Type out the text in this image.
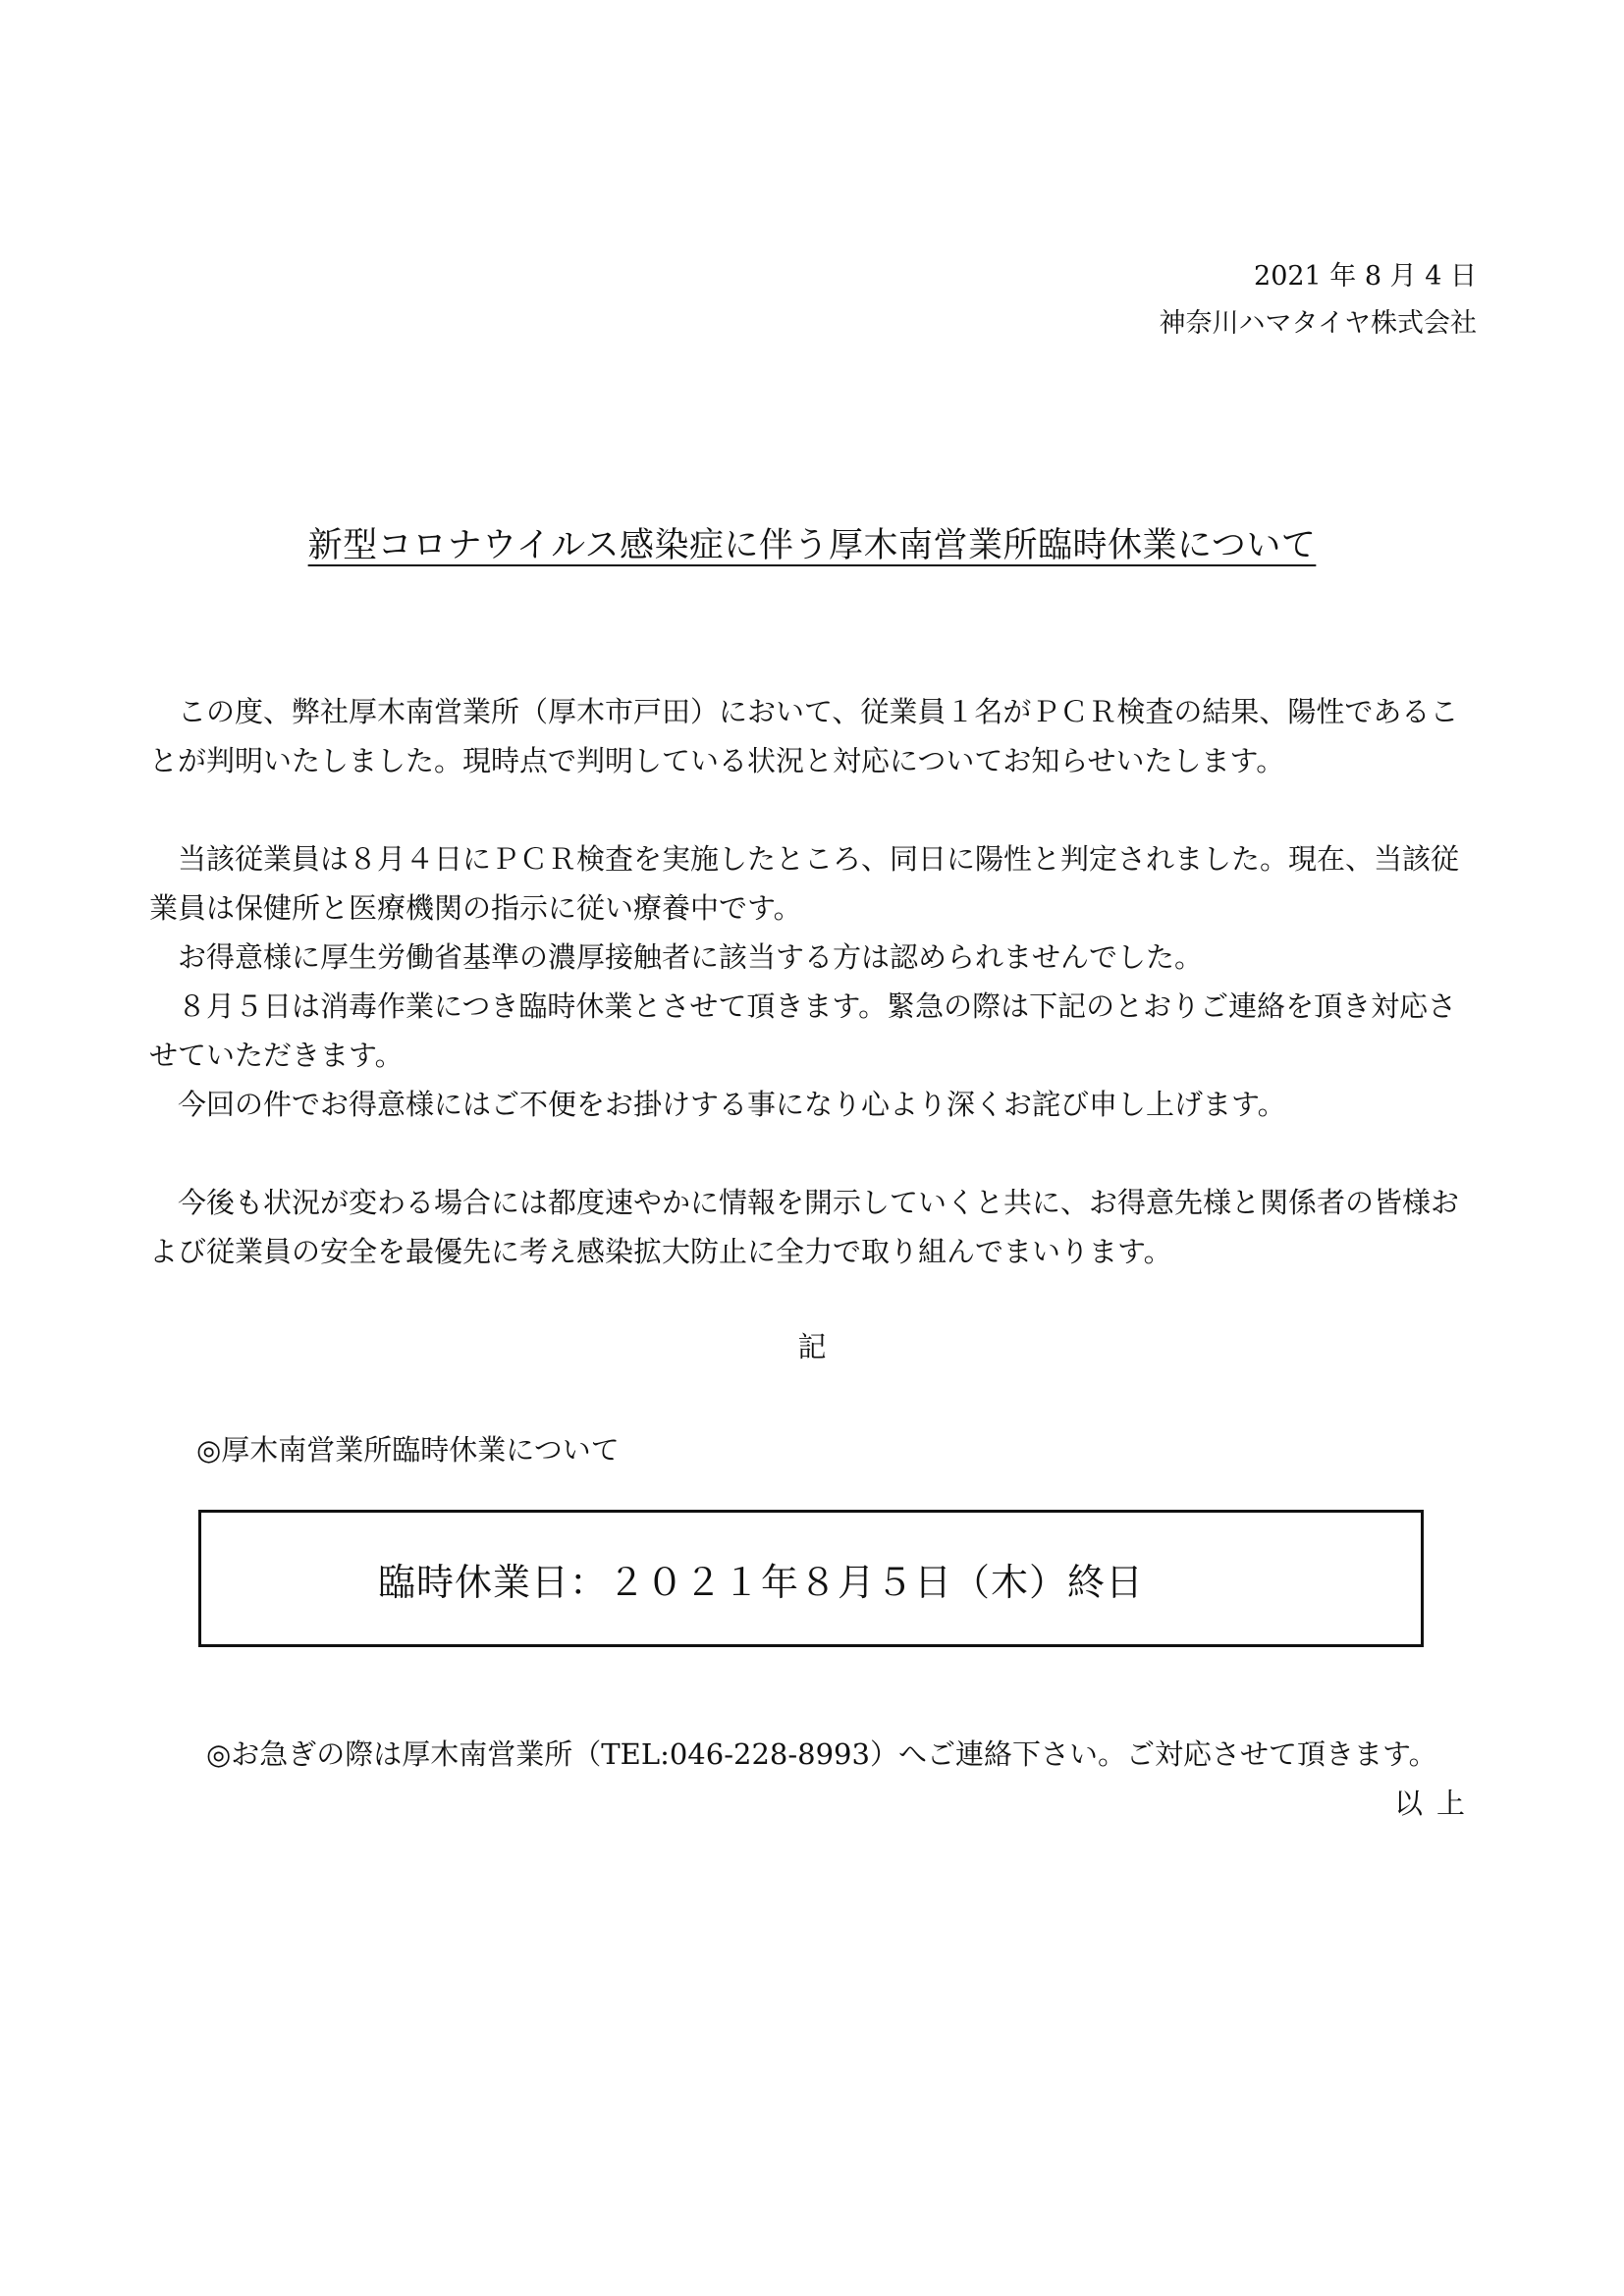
2021 年 8 月 4 日
神奈川ハマタイヤ株式会社
新型コロナウイルス感染症に伴う厚木南営業所臨時休業について

この度、弊社厚木南営業所（厚木市戸田）において、従業員１名がＰＣＲ検査の結果、陽性であることが判明いたしました。現時点で判明している状況と対応についてお知らせいたします。

当該従業員は８月４日にＰＣＲ検査を実施したところ、同日に陽性と判定されました。現在、当該従業員は保健所と医療機関の指示に従い療養中です。

お得意様に厚生労働省基準の濃厚接触者に該当する方は認められませんでした。

８月５日は消毒作業につき臨時休業とさせて頂きます。緊急の際は下記のとおりご連絡を頂き対応させていただきます。

今回の件でお得意様にはご不便をお掛けする事になり心より深くお詫び申し上げます。

今後も状況が変わる場合には都度速やかに情報を開示していくと共に、お得意先様と関係者の皆様および従業員の安全を最優先に考え感染拡大防止に全力で取り組んでまいります。

記
◎厚木南営業所臨時休業について
臨時休業日：２０２１年８月５日（木）終日
◎お急ぎの際は厚木南営業所（TEL:046-228-8993）へご連絡下さい。ご対応させて頂きます。
以上
